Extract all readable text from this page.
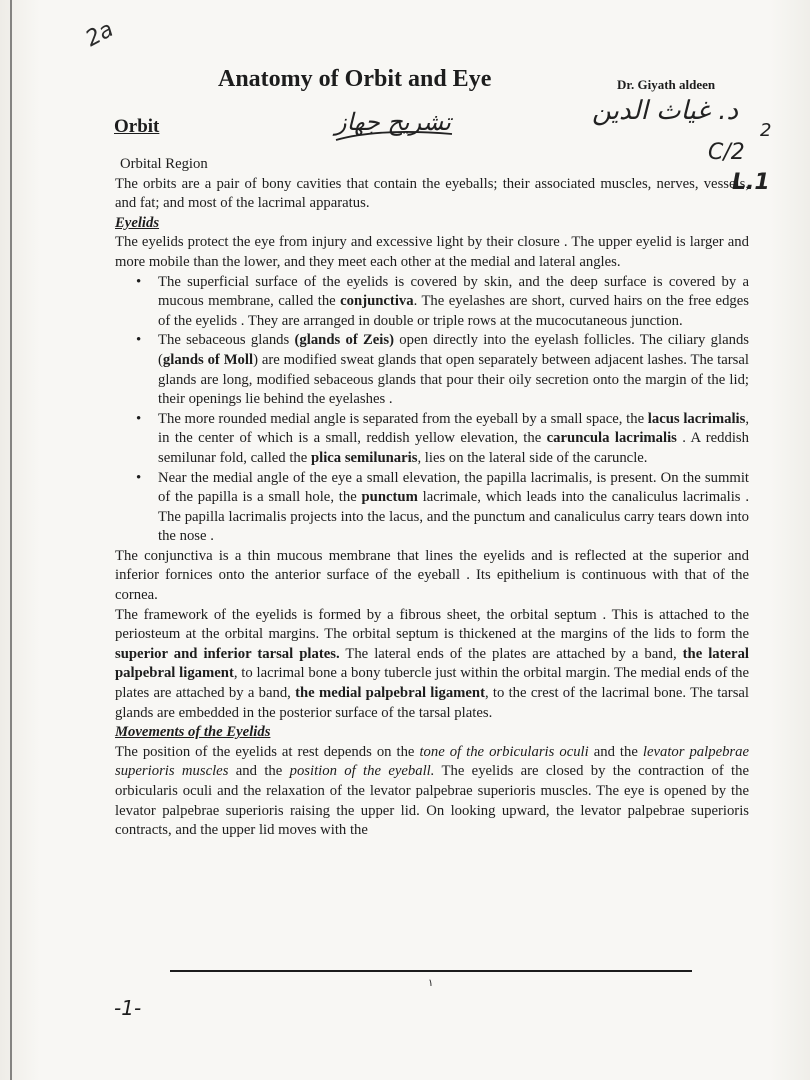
2a
Anatomy of Orbit and Eye	Dr. Giyath aldeen
Orbit	تشريح جهاز	د. غياث الدين
2
C/2
L.1

Orbital Region

The orbits are a pair of bony cavities that contain the eyeballs; their associated muscles, nerves, vessels, and fat; and most of the lacrimal apparatus.

Eyelids

The eyelids protect the eye from injury and excessive light by their closure . The upper eyelid is larger and more mobile than the lower, and they meet each other at the medial and lateral angles.

• The superficial surface of the eyelids is covered by skin, and the deep surface is covered by a mucous membrane, called the conjunctiva. The eyelashes are short, curved hairs on the free edges of the eyelids . They are arranged in double or triple rows at the mucocutaneous junction.
• The sebaceous glands (glands of Zeis) open directly into the eyelash follicles. The ciliary glands (glands of Moll) are modified sweat glands that open separately between adjacent lashes. The tarsal glands are long, modified sebaceous glands that pour their oily secretion onto the margin of the lid; their openings lie behind the eyelashes .
• The more rounded medial angle is separated from the eyeball by a small space, the lacus lacrimalis, in the center of which is a small, reddish yellow elevation, the caruncula lacrimalis . A reddish semilunar fold, called the plica semilunaris, lies on the lateral side of the caruncle.
• Near the medial angle of the eye a small elevation, the papilla lacrimalis, is present. On the summit of the papilla is a small hole, the punctum lacrimale, which leads into the canaliculus lacrimalis . The papilla lacrimalis projects into the lacus, and the punctum and canaliculus carry tears down into the nose .

The conjunctiva is a thin mucous membrane that lines the eyelids and is reflected at the superior and inferior fornices onto the anterior surface of the eyeball . Its epithelium is continuous with that of the cornea.

The framework of the eyelids is formed by a fibrous sheet, the orbital septum . This is attached to the periosteum at the orbital margins. The orbital septum is thickened at the margins of the lids to form the superior and inferior tarsal plates. The lateral ends of the plates are attached by a band, the lateral palpebral ligament, to lacrimal bone a bony tubercle just within the orbital margin. The medial ends of the plates are attached by a band, the medial palpebral ligament, to the crest of the lacrimal bone. The tarsal glands are embedded in the posterior surface of the tarsal plates.

Movements of the Eyelids

The position of the eyelids at rest depends on the tone of the orbicularis oculi and the levator palpebrae superioris muscles and the position of the eyeball. The eyelids are closed by the contraction of the orbicularis oculi and the relaxation of the levator palpebrae superioris muscles. The eye is opened by the levator palpebrae superioris raising the upper lid. On looking upward, the levator palpebrae superioris contracts, and the upper lid moves with the

۱
-1-
